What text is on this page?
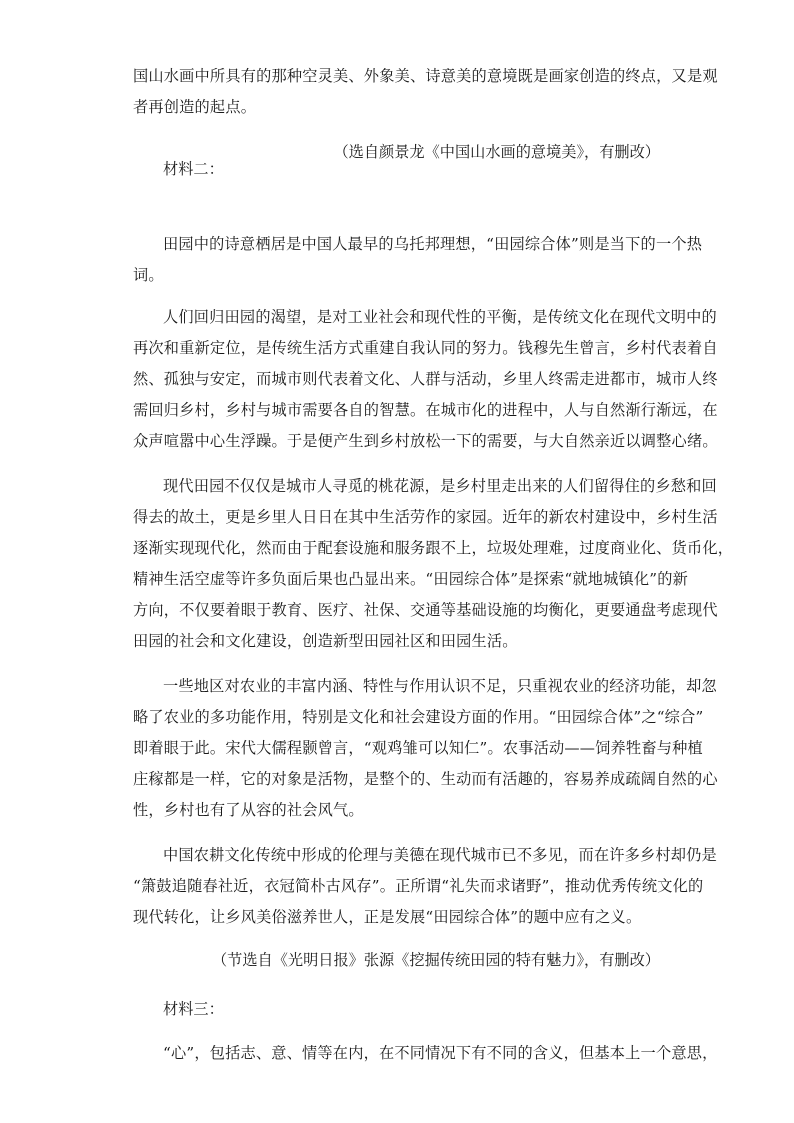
国山水画中所具有的那种空灵美、外象美、诗意美的意境既是画家创造的终点，又是观
者再创造的起点。
（选自颜景龙《中国山水画的意境美》，有删改）
材料二：
田园中的诗意栖居是中国人最早的乌托邦理想，“田园综合体”则是当下的一个热
词。
人们回归田园的渴望，是对工业社会和现代性的平衡，是传统文化在现代文明中的
再次和重新定位，是传统生活方式重建自我认同的努力。钱穆先生曾言，乡村代表着自
然、孤独与安定，而城市则代表着文化、人群与活动，乡里人终需走进都市，城市人终
需回归乡村，乡村与城市需要各自的智慧。在城市化的进程中，人与自然渐行渐远，在
众声喧嚣中心生浮躁。于是便产生到乡村放松一下的需要，与大自然亲近以调整心绪。
现代田园不仅仅是城市人寻觅的桃花源，是乡村里走出来的人们留得住的乡愁和回
得去的故土，更是乡里人日日在其中生活劳作的家园。近年的新农村建设中，乡村生活
逐渐实现现代化，然而由于配套设施和服务跟不上，垃圾处理难，过度商业化、货币化，
精神生活空虚等许多负面后果也凸显出来。“田园综合体”是探索“就地城镇化”的新
方向，不仅要着眼于教育、医疗、社保、交通等基础设施的均衡化，更要通盘考虑现代
田园的社会和文化建设，创造新型田园社区和田园生活。
一些地区对农业的丰富内涵、特性与作用认识不足，只重视农业的经济功能，却忽
略了农业的多功能作用，特别是文化和社会建设方面的作用。“田园综合体”之“综合”
即着眼于此。宋代大儒程颢曾言，“观鸡雏可以知仁”。农事活动——饲养牲畜与种植
庄稼都是一样，它的对象是活物，是整个的、生动而有活趣的，容易养成疏阔自然的心
性，乡村也有了从容的社会风气。
中国农耕文化传统中形成的伦理与美德在现代城市已不多见，而在许多乡村却仍是
“箫鼓追随春社近，衣冠简朴古风存”。正所谓“礼失而求诸野”，推动优秀传统文化的
现代转化，让乡风美俗滋养世人，正是发展“田园综合体”的题中应有之义。
（节选自《光明日报》张源《挖掘传统田园的特有魅力》，有删改）
材料三：
“心”，包括志、意、情等在内，在不同情况下有不同的含义，但基本上一个意思，
